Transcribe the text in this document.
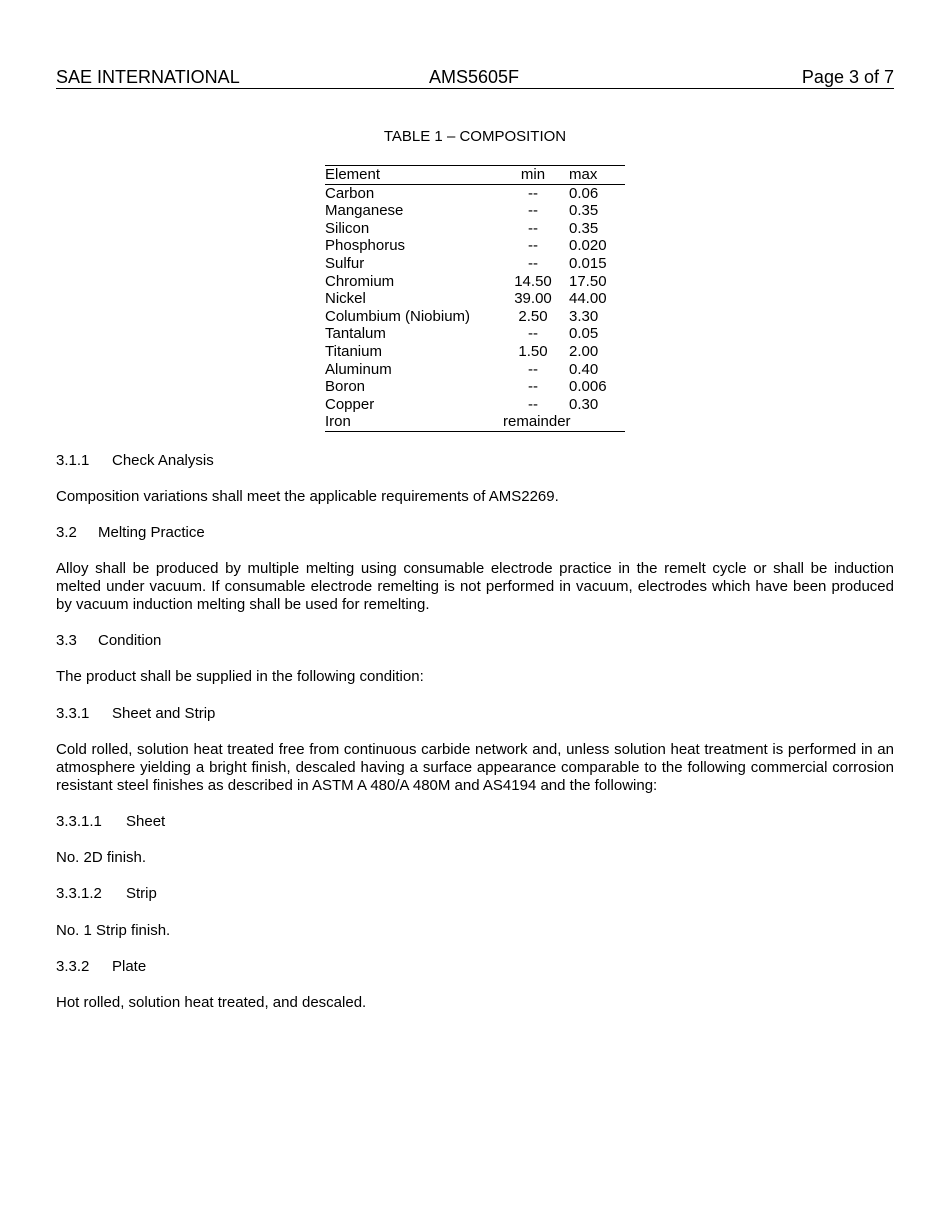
SAE INTERNATIONAL	AMS5605F	Page 3 of 7
TABLE 1 – COMPOSITION
Element	min	max
Carbon	--	0.06
Manganese	--	0.35
Silicon	--	0.35
Phosphorus	--	0.020
Sulfur	--	0.015
Chromium	14.50	17.50
Nickel	39.00	44.00
Columbium (Niobium)	2.50	3.30
Tantalum	--	0.05
Titanium	1.50	2.00
Aluminum	--	0.40
Boron	--	0.006
Copper	--	0.30
Iron	remainder	
3.1.1 Check Analysis

Composition variations shall meet the applicable requirements of AMS2269.

3.2 Melting Practice

Alloy shall be produced by multiple melting using consumable electrode practice in the remelt cycle or shall be induction melted under vacuum. If consumable electrode remelting is not performed in vacuum, electrodes which have been produced by vacuum induction melting shall be used for remelting.

3.3 Condition

The product shall be supplied in the following condition:

3.3.1 Sheet and Strip

Cold rolled, solution heat treated free from continuous carbide network and, unless solution heat treatment is performed in an atmosphere yielding a bright finish, descaled having a surface appearance comparable to the following commercial corrosion resistant steel finishes as described in ASTM A 480/A 480M and AS4194 and the following:

3.3.1.1 Sheet

No. 2D finish.

3.3.1.2 Strip

No. 1 Strip finish.

3.3.2 Plate

Hot rolled, solution heat treated, and descaled.
